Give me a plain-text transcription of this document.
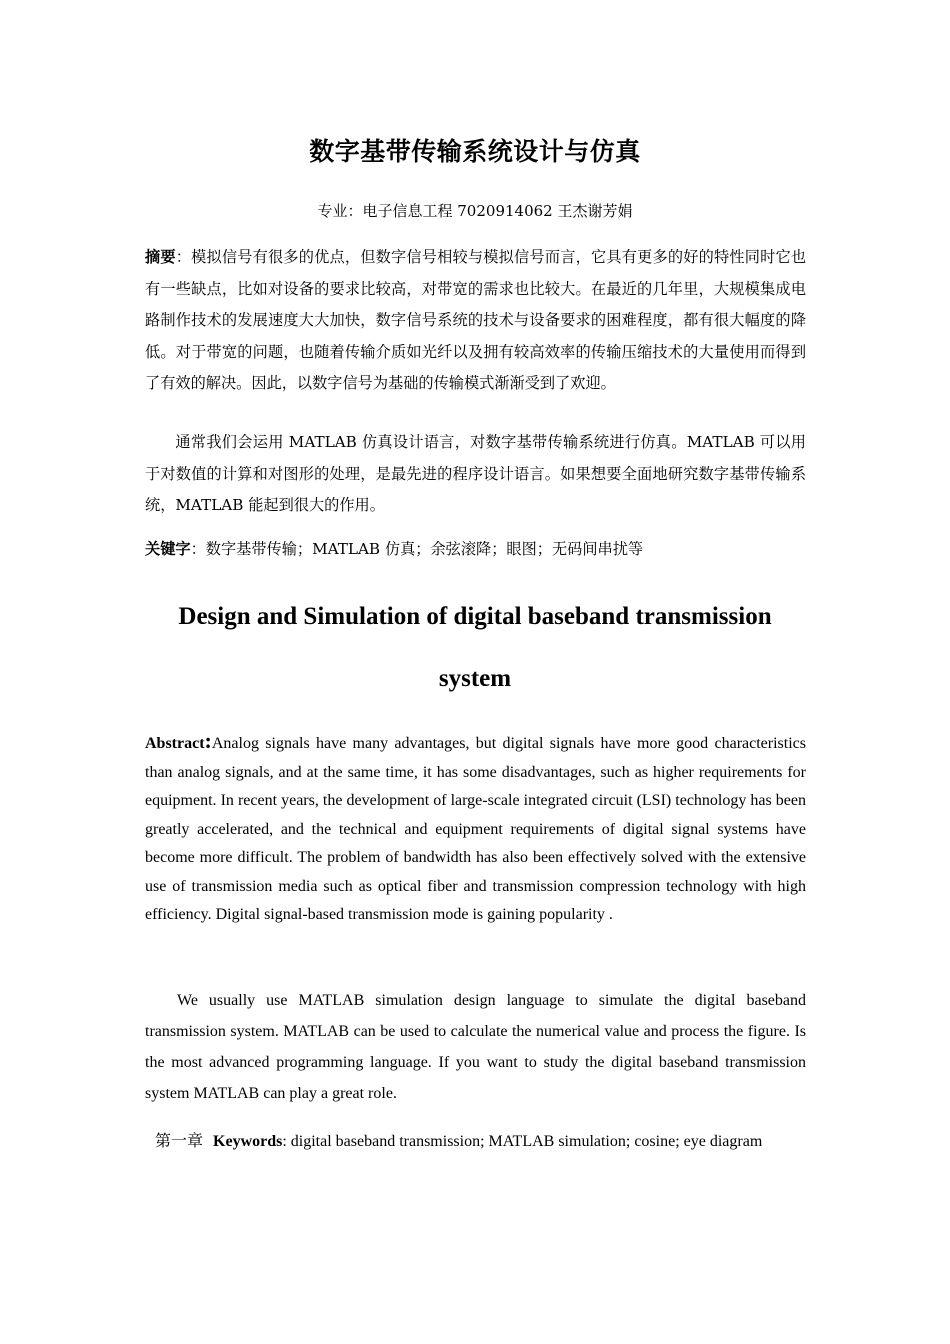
数字基带传输系统设计与仿真
专业：电子信息工程 7020914062 王杰谢芳娟

摘要：模拟信号有很多的优点，但数字信号相较与模拟信号而言，它具有更多的好的特性同时它也有一些缺点，比如对设备的要求比较高，对带宽的需求也比较大。在最近的几年里，大规模集成电路制作技术的发展速度大大加快，数字信号系统的技术与设备要求的困难程度，都有很大幅度的降低。对于带宽的问题，也随着传输介质如光纤以及拥有较高效率的传输压缩技术的大量使用而得到了有效的解决。因此，以数字信号为基础的传输模式渐渐受到了欢迎。

通常我们会运用 MATLAB 仿真设计语言，对数字基带传输系统进行仿真。MATLAB 可以用于对数值的计算和对图形的处理，是最先进的程序设计语言。如果想要全面地研究数字基带传输系统，MATLAB 能起到很大的作用。

关键字：数字基带传输；MATLAB 仿真；余弦滚降；眼图；无码间串扰等

Design and Simulation of digital baseband transmission
system

Abstract:Analog signals have many advantages, but digital signals have more good characteristics than analog signals, and at the same time, it has some disadvantages, such as higher requirements for equipment. In recent years, the development of large-scale integrated circuit (LSI) technology has been greatly accelerated, and the technical and equipment requirements of digital signal systems have become more difficult. The problem of bandwidth has also been effectively solved with the extensive use of transmission media such as optical fiber and transmission compression technology with high efficiency. Digital signal-based transmission mode is gaining popularity .

We usually use MATLAB simulation design language to simulate the digital baseband transmission system. MATLAB can be used to calculate the numerical value and process the figure. Is the most advanced programming language. If you want to study the digital baseband transmission system MATLAB can play a great role.

第一章 Keywords: digital baseband transmission; MATLAB simulation; cosine; eye diagram
